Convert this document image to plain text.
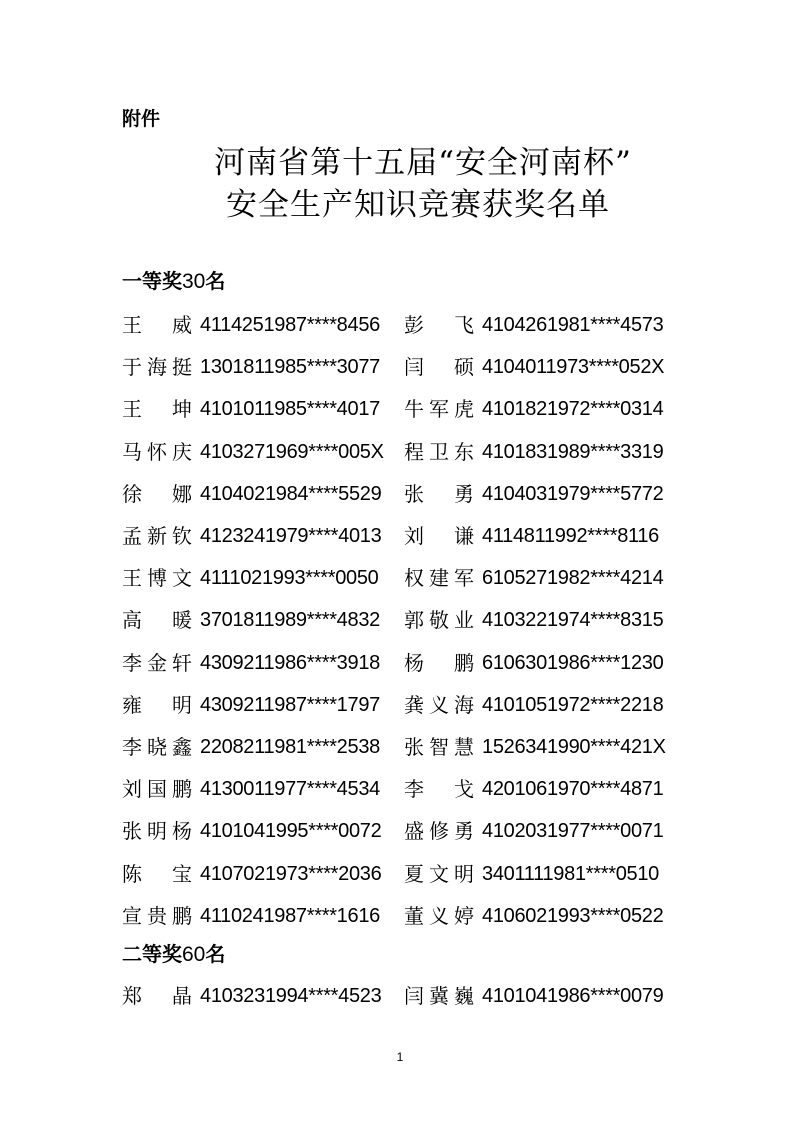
附件
河南省第十五届“安全河南杯”
安全生产知识竞赛获奖名单
一等奖30名
王 威 4114251987****8456 彭 飞 4104261981****4573
于海挺 1301811985****3077 闫 硕 4104011973****052X
王 坤 4101011985****4017 牛军虎 4101821972****0314
马怀庆 4103271969****005X 程卫东 4101831989****3319
徐 娜 4104021984****5529 张 勇 4104031979****5772
孟新钦 4123241979****4013 刘 谦 4114811992****8116
王博文 4111021993****0050 权建军 6105271982****4214
高 暖 3701811989****4832 郭敬业 4103221974****8315
李金轩 4309211986****3918 杨 鹏 6106301986****1230
雍 明 4309211987****1797 龚义海 4101051972****2218
李晓鑫 2208211981****2538 张智慧 1526341990****421X
刘国鹏 4130011977****4534 李 戈 4201061970****4871
张明杨 4101041995****0072 盛修勇 4102031977****0071
陈 宝 4107021973****2036 夏文明 3401111981****0510
宣贵鹏 4110241987****1616 董义婷 4106021993****0522
二等奖60名
郑 晶 4103231994****4523 闫冀巍 4101041986****0079
1
